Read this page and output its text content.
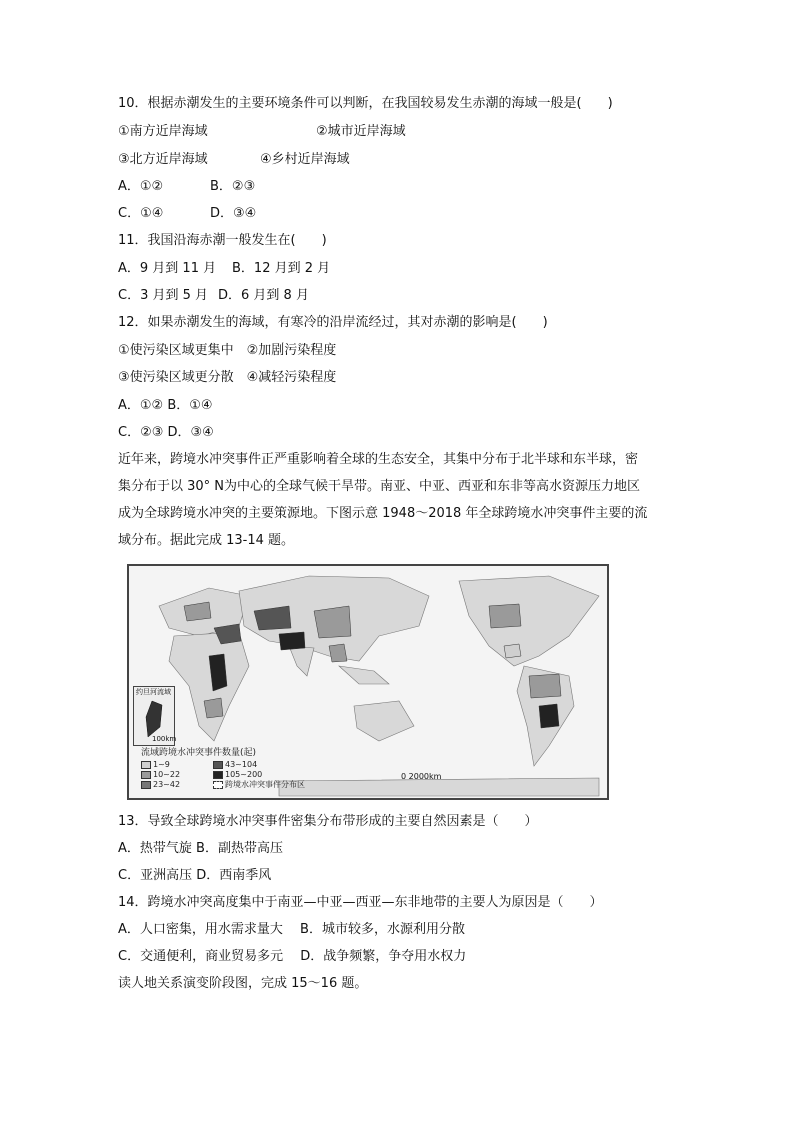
10．根据赤潮发生的主要环境条件可以判断，在我国较易发生赤潮的海域一般是(　　)
①南方近岸海域	②城市近岸海域
③北方近岸海域	④乡村近岸海域
A．①②	B．②③
C．①④	D．③④
11．我国沿海赤潮一般发生在(　　)
A．9 月到 11 月 B．12 月到 2 月
C．3 月到 5 月 D．6 月到 8 月
12．如果赤潮发生的海域，有寒冷的沿岸流经过，其对赤潮的影响是(　　)
①使污染区域更集中　②加剧污染程度
③使污染区域更分散　④减轻污染程度
A．①② B．①④
C．②③ D．③④
近年来，跨境水冲突事件正严重影响着全球的生态安全，其集中分布于北半球和东半球，密
集分布于以 30° N为中心的全球气候干旱带。南亚、中亚、西亚和东非等高水资源压力地区
成为全球跨境水冲突的主要策源地。下图示意 1948～2018 年全球跨境水冲突事件主要的流
域分布。据此完成 13-14 题。
约旦河流域
100km
流域跨境水冲突事件数量(起)
1~9
10~22
23~42
43~104
105~200
跨境水冲突事件分布区
0 2000km
13．导致全球跨境水冲突事件密集分布带形成的主要自然因素是（　　）
A．热带气旋 B．副热带高压
C．亚洲高压 D．西南季风
14．跨境水冲突高度集中于南亚—中亚—西亚—东非地带的主要人为原因是（　　）
A．人口密集，用水需求量大　 B．城市较多，水源利用分散
C．交通便利，商业贸易多元　 D．战争频繁，争夺用水权力
读人地关系演变阶段图，完成 15～16 题。
